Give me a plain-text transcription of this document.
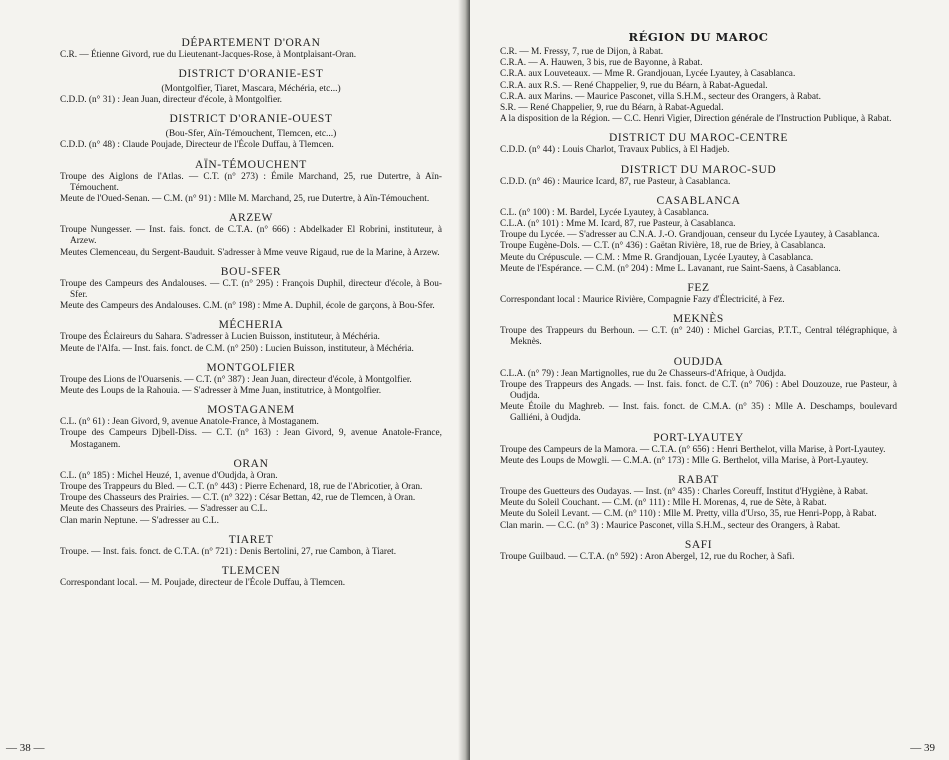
DÉPARTEMENT D'ORAN

C.R. — Étienne Givord, rue du Lieutenant-Jacques-Rose, à Montplaisant-Oran.

DISTRICT D'ORANIE-EST
(Montgolfier, Tiaret, Mascara, Méchéria, etc...)

C.D.D. (n° 31) : Jean Juan, directeur d'école, à Montgolfier.

DISTRICT D'ORANIE-OUEST
(Bou-Sfer, Aïn-Témouchent, Tlemcen, etc...)

C.D.D. (n° 48) : Claude Poujade, Directeur de l'École Duffau, à Tlemcen.

AÏN-TÉMOUCHENT

Troupe des Aiglons de l'Atlas. — C.T. (n° 273) : Émile Marchand, 25, rue Dutertre, à Aïn-Témouchent.

Meute de l'Oued-Senan. — C.M. (n° 91) : Mlle M. Marchand, 25, rue Dutertre, à Aïn-Témouchent.

ARZEW

Troupe Nungesser. — Inst. fais. fonct. de C.T.A. (n° 666) : Abdelkader El Robrini, instituteur, à Arzew.

Meutes Clemenceau, du Sergent-Bauduit. S'adresser à Mme veuve Rigaud, rue de la Marine, à Arzew.

BOU-SFER

Troupe des Campeurs des Andalouses. — C.T. (n° 295) : François Duphil, directeur d'école, à Bou-Sfer.

Meute des Campeurs des Andalouses. C.M. (n° 198) : Mme A. Duphil, école de garçons, à Bou-Sfer.

MÉCHERIA

Troupe des Éclaireurs du Sahara. S'adresser à Lucien Buisson, instituteur, à Méchéria.

Meute de l'Alfa. — Inst. fais. fonct. de C.M. (n° 250) : Lucien Buisson, instituteur, à Méchéria.

MONTGOLFIER

Troupe des Lions de l'Ouarsenis. — C.T. (n° 387) : Jean Juan, directeur d'école, à Montgolfier.

Meute des Loups de la Rahouia. — S'adresser à Mme Juan, institutrice, à Montgolfier.

MOSTAGANEM

C.L. (n° 61) : Jean Givord, 9, avenue Anatole-France, à Mostaganem.

Troupe des Campeurs Djbell-Diss. — C.T. (n° 163) : Jean Givord, 9, avenue Anatole-France, Mostaganem.

ORAN

C.L. (n° 185) : Michel Heuzé, 1, avenue d'Oudjda, à Oran.

Troupe des Trappeurs du Bled. — C.T. (n° 443) : Pierre Echenard, 18, rue de l'Abricotier, à Oran.

Troupe des Chasseurs des Prairies. — C.T. (n° 322) : César Bettan, 42, rue de Tlemcen, à Oran.

Meute des Chasseurs des Prairies. — S'adresser au C.L.

Clan marin Neptune. — S'adresser au C.L.

TIARET

Troupe. — Inst. fais. fonct. de C.T.A. (n° 721) : Denis Bertolini, 27, rue Cambon, à Tiaret.

TLEMCEN

Correspondant local. — M. Poujade, directeur de l'École Duffau, à Tlemcen.

— 38 —
RÉGION DU MAROC

C.R. — M. Fressy, 7, rue de Dijon, à Rabat.

C.R.A. — A. Hauwen, 3 bis, rue de Bayonne, à Rabat.

C.R.A. aux Louveteaux. — Mme R. Grandjouan, Lycée Lyautey, à Casablanca.

C.R.A. aux R.S. — René Chappelier, 9, rue du Béarn, à Rabat-Aguedal.

C.R.A. aux Marins. — Maurice Pasconet, villa S.H.M., secteur des Orangers, à Rabat.

S.R. — René Chappelier, 9, rue du Béarn, à Rabat-Aguedal.

A la disposition de la Région. — C.C. Henri Vigier, Direction générale de l'Instruction Publique, à Rabat.

DISTRICT DU MAROC-CENTRE

C.D.D. (n° 44) : Louis Charlot, Travaux Publics, à El Hadjeb.

DISTRICT DU MAROC-SUD

C.D.D. (n° 46) : Maurice Icard, 87, rue Pasteur, à Casablanca.

CASABLANCA

C.L. (n° 100) : M. Bardel, Lycée Lyautey, à Casablanca.

C.L.A. (n° 101) : Mme M. Icard, 87, rue Pasteur, à Casablanca.

Troupe du Lycée. — S'adresser au C.N.A. J.-O. Grandjouan, censeur du Lycée Lyautey, à Casablanca.

Troupe Eugène-Dols. — C.T. (n° 436) : Gaëtan Rivière, 18, rue de Briey, à Casablanca.

Meute du Crépuscule. — C.M. : Mme R. Grandjouan, Lycée Lyautey, à Casablanca.

Meute de l'Espérance. — C.M. (n° 204) : Mme L. Lavanant, rue Saint-Saens, à Casablanca.

FEZ

Correspondant local : Maurice Rivière, Compagnie Fazy d'Électricité, à Fez.

MEKNÈS

Troupe des Trappeurs du Berhoun. — C.T. (n° 240) : Michel Garcias, P.T.T., Central télégraphique, à Meknès.

OUDJDA

C.L.A. (n° 79) : Jean Martignolles, rue du 2e Chasseurs-d'Afrique, à Oudjda.

Troupe des Trappeurs des Angads. — Inst. fais. fonct. de C.T. (n° 706) : Abel Douzouze, rue Pasteur, à Oudjda.

Meute Étoile du Maghreb. — Inst. fais. fonct. de C.M.A. (n° 35) : Mlle A. Deschamps, boulevard Galliéni, à Oudjda.

PORT-LYAUTEY

Troupe des Campeurs de la Mamora. — C.T.A. (n° 656) : Henri Berthelot, villa Marise, à Port-Lyautey.

Meute des Loups de Mowgli. — C.M.A. (n° 173) : Mlle G. Berthelot, villa Marise, à Port-Lyautey.

RABAT

Troupe des Guetteurs des Oudayas. — Inst. (n° 435) : Charles Coreuff, Institut d'Hygiène, à Rabat.

Meute du Soleil Couchant. — C.M. (n° 111) : Mlle H. Morenas, 4, rue de Sète, à Rabat.

Meute du Soleil Levant. — C.M. (n° 110) : Mlle M. Pretty, villa d'Urso, 35, rue Henri-Popp, à Rabat.

Clan marin. — C.C. (n° 3) : Maurice Pasconet, villa S.H.M., secteur des Orangers, à Rabat.

SAFI

Troupe Guilbaud. — C.T.A. (n° 592) : Aron Abergel, 12, rue du Rocher, à Safi.

— 39
